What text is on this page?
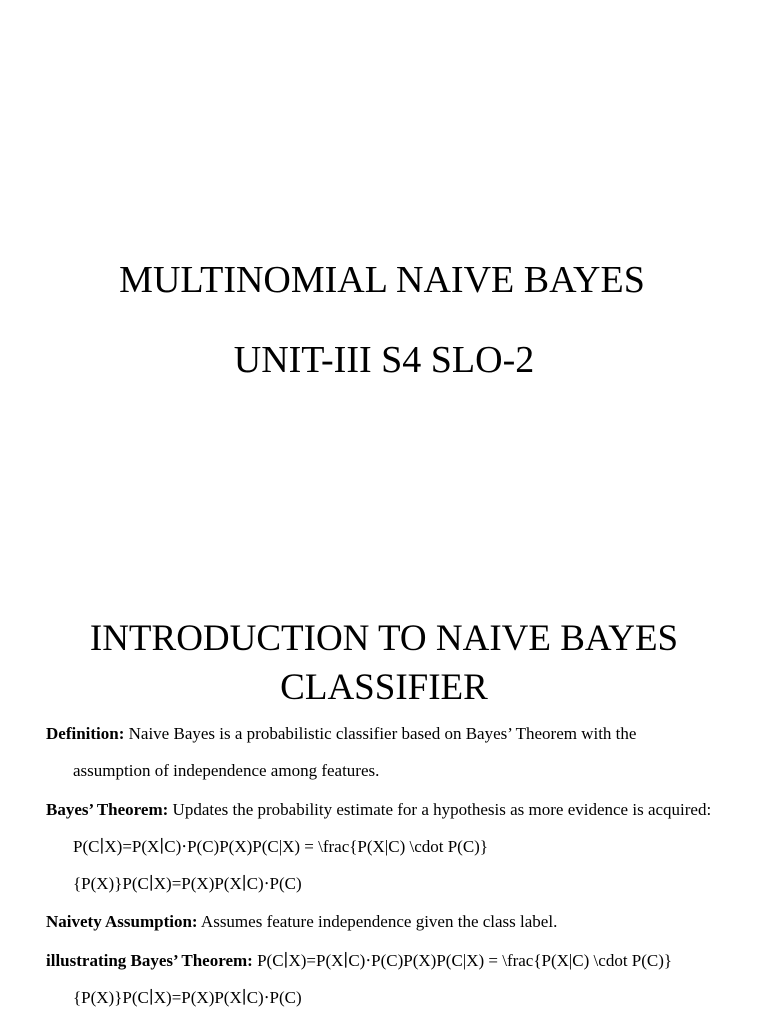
MULTINOMIAL NAIVE BAYES
UNIT-III S4 SLO-2
INTRODUCTION TO NAIVE BAYES
CLASSIFIER

Definition: Naive Bayes is a probabilistic classifier based on Bayes’ Theorem with the assumption of independence among features.

Bayes’ Theorem: Updates the probability estimate for a hypothesis as more evidence is acquired: P(C∣X)=P(X∣C)⋅P(C)P(X)P(C|X) = \frac{P(X|C) \cdot P(C)}{P(X)}P(C∣X)=P(X)P(X∣C)⋅P(C)

Naivety Assumption: Assumes feature independence given the class label.

illustrating Bayes’ Theorem: P(C∣X)=P(X∣C)⋅P(C)P(X)P(C|X) = \frac{P(X|C) \cdot P(C)}{P(X)}P(C∣X)=P(X)P(X∣C)⋅P(C)
